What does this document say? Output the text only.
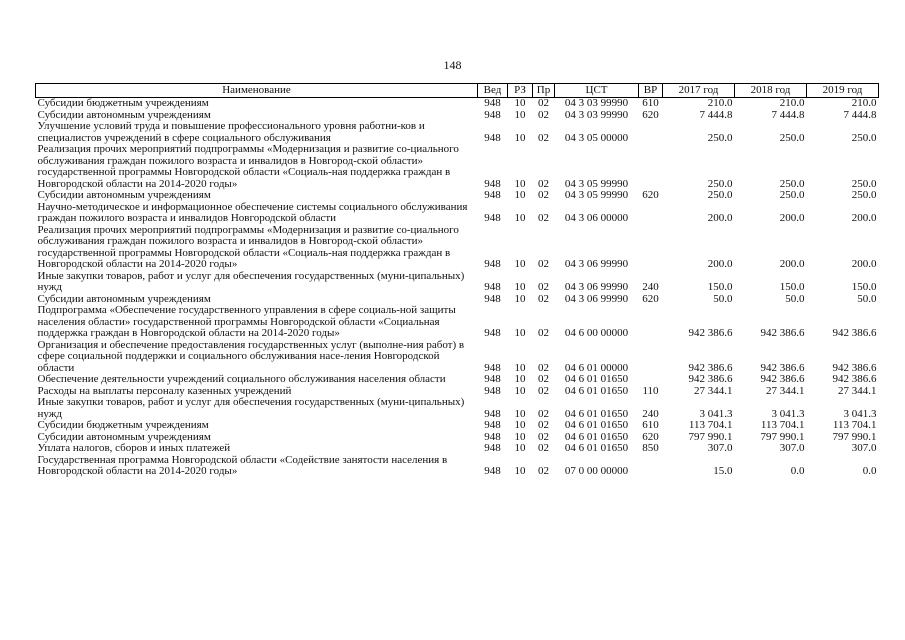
148
Наименование	Вед	РЗ	Пр	ЦСТ	ВР	2017 год	2018 год	2019 год
Субсидии бюджетным учреждениям	948	10	02	04 3 03 99990	610	210.0	210.0	210.0
Субсидии автономным учреждениям	948	10	02	04 3 03 99990	620	7 444.8	7 444.8	7 444.8
Улучшение условий труда и повышение профессионального уровня работни-ков и специалистов учреждений в сфере социального обслуживания	948	10	02	04 3 05 00000		250.0	250.0	250.0
Реализация прочих мероприятий подпрограммы «Модернизация и развитие со-циального обслуживания граждан пожилого возраста и инвалидов в Новгород-ской области» государственной программы Новгородской области «Социаль-ная поддержка граждан в Новгородской области на 2014-2020 годы»	948	10	02	04 3 05 99990		250.0	250.0	250.0
Субсидии автономным учреждениям	948	10	02	04 3 05 99990	620	250.0	250.0	250.0
Научно-методическое и информационное обеспечение системы социального обслуживания граждан пожилого возраста и инвалидов Новгородской области	948	10	02	04 3 06 00000		200.0	200.0	200.0
Реализация прочих мероприятий подпрограммы «Модернизация и развитие со-циального обслуживания граждан пожилого возраста и инвалидов в Новгород-ской области» государственной программы Новгородской области «Социаль-ная поддержка граждан в Новгородской области на 2014-2020 годы»	948	10	02	04 3 06 99990		200.0	200.0	200.0
Иные закупки товаров, работ и услуг для обеспечения государственных (муни-ципальных) нужд	948	10	02	04 3 06 99990	240	150.0	150.0	150.0
Субсидии автономным учреждениям	948	10	02	04 3 06 99990	620	50.0	50.0	50.0
Подпрограмма «Обеспечение государственного управления в сфере социаль-ной защиты населения области» государственной программы Новгородской области «Социальная поддержка граждан в Новгородской области на 2014-2020 годы»	948	10	02	04 6 00 00000		942 386.6	942 386.6	942 386.6
Организация и обеспечение предоставления государственных услуг (выполне-ния работ) в сфере социальной поддержки и социального обслуживания насе-ления Новгородской области	948	10	02	04 6 01 00000		942 386.6	942 386.6	942 386.6
Обеспечение деятельности учреждений социального обслуживания населения области	948	10	02	04 6 01 01650		942 386.6	942 386.6	942 386.6
Расходы на выплаты персоналу казенных учреждений	948	10	02	04 6 01 01650	110	27 344.1	27 344.1	27 344.1
Иные закупки товаров, работ и услуг для обеспечения государственных (муни-ципальных) нужд	948	10	02	04 6 01 01650	240	3 041.3	3 041.3	3 041.3
Субсидии бюджетным учреждениям	948	10	02	04 6 01 01650	610	113 704.1	113 704.1	113 704.1
Субсидии автономным учреждениям	948	10	02	04 6 01 01650	620	797 990.1	797 990.1	797 990.1
Уплата налогов, сборов и иных платежей	948	10	02	04 6 01 01650	850	307.0	307.0	307.0
Государственная программа Новгородской области «Содействие занятости населения в Новгородской области на 2014-2020 годы»	948	10	02	07 0 00 00000		15.0	0.0	0.0
